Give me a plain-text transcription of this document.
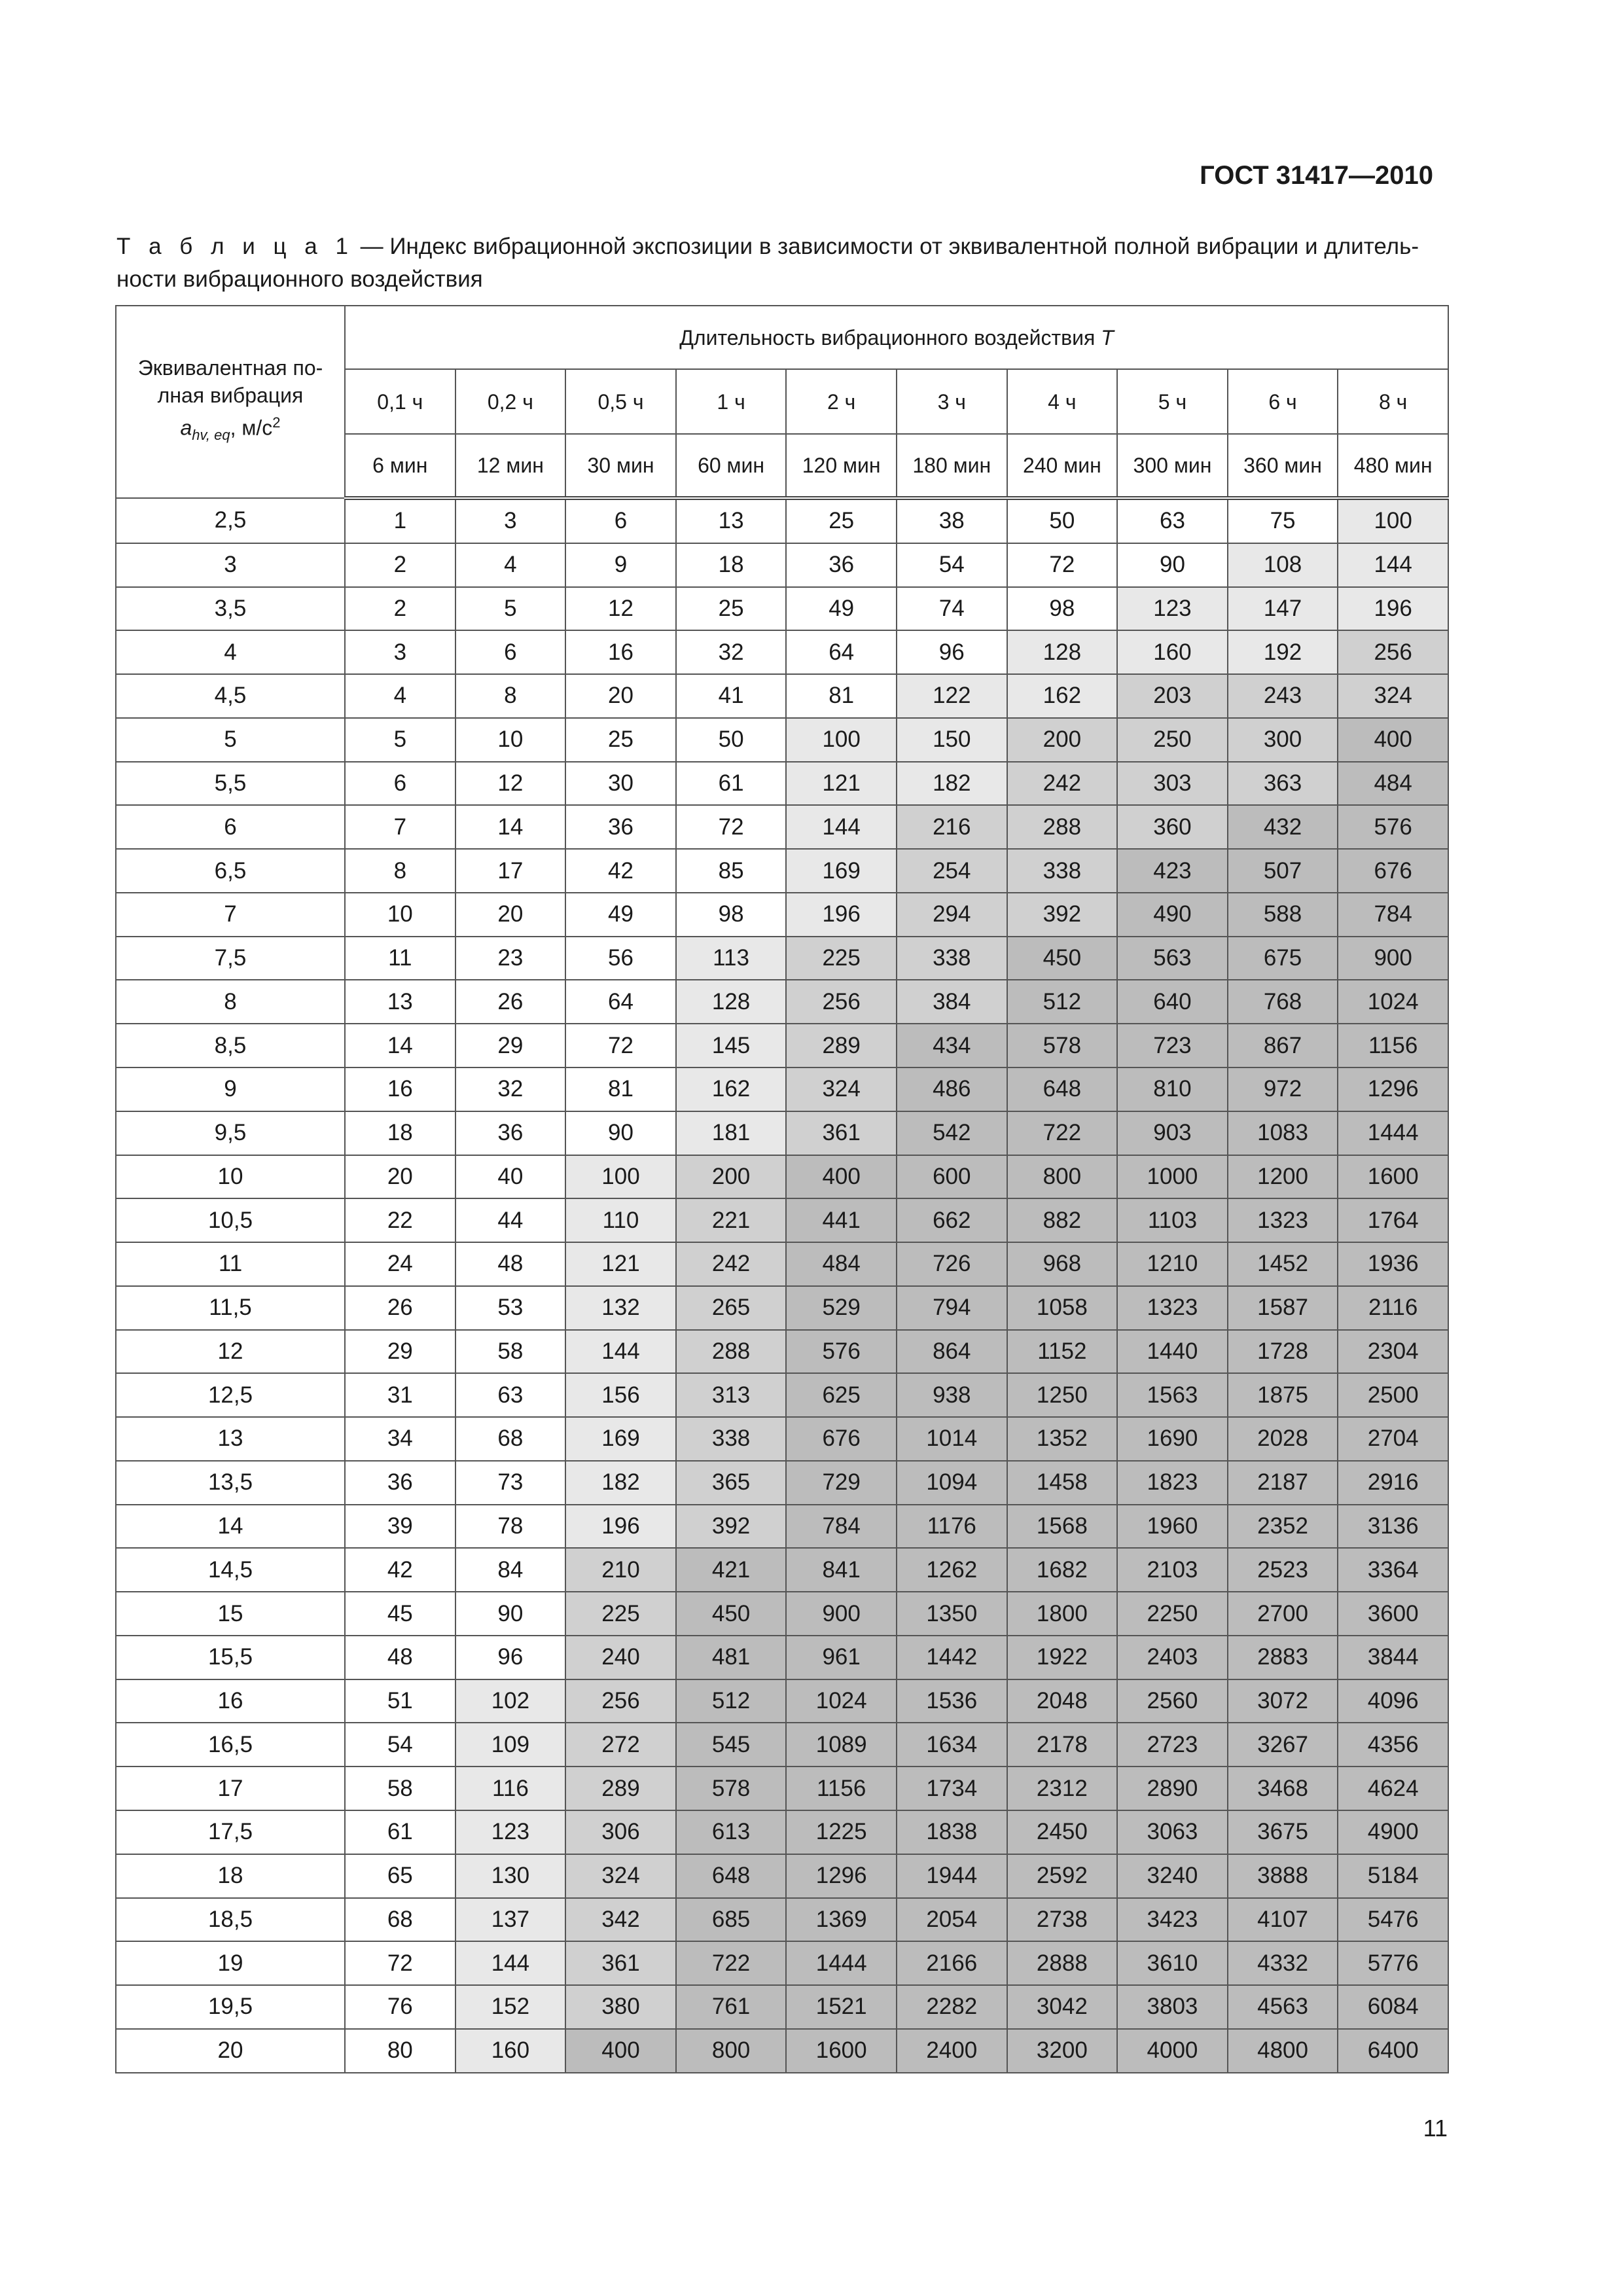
ГОСТ 31417—2010

Т а б л и ц а 1 — Индекс вибрационной экспозиции в зависимости от эквивалентной полной вибрации и длитель-ности вибрационного воздействия

Эквивалентная по-
лная вибрация
$a_{hv, eq}$, $м/с^2$	Длительность вибрационного воздействия T									
	0,1 ч	0,2 ч	0,5 ч	1 ч	2 ч	3 ч	4 ч	5 ч	6 ч	8 ч
	6 мин	12 мин	30 мин	60 мин	120 мин	180 мин	240 мин	300 мин	360 мин	480 мин
2,5	1	3	6	13	25	38	50	63	75	100
3	2	4	9	18	36	54	72	90	108	144
3,5	2	5	12	25	49	74	98	123	147	196
4	3	6	16	32	64	96	128	160	192	256
4,5	4	8	20	41	81	122	162	203	243	324
5	5	10	25	50	100	150	200	250	300	400
5,5	6	12	30	61	121	182	242	303	363	484
6	7	14	36	72	144	216	288	360	432	576
6,5	8	17	42	85	169	254	338	423	507	676
7	10	20	49	98	196	294	392	490	588	784
7,5	11	23	56	113	225	338	450	563	675	900
8	13	26	64	128	256	384	512	640	768	1024
8,5	14	29	72	145	289	434	578	723	867	1156
9	16	32	81	162	324	486	648	810	972	1296
9,5	18	36	90	181	361	542	722	903	1083	1444
10	20	40	100	200	400	600	800	1000	1200	1600
10,5	22	44	110	221	441	662	882	1103	1323	1764
11	24	48	121	242	484	726	968	1210	1452	1936
11,5	26	53	132	265	529	794	1058	1323	1587	2116
12	29	58	144	288	576	864	1152	1440	1728	2304
12,5	31	63	156	313	625	938	1250	1563	1875	2500
13	34	68	169	338	676	1014	1352	1690	2028	2704
13,5	36	73	182	365	729	1094	1458	1823	2187	2916
14	39	78	196	392	784	1176	1568	1960	2352	3136
14,5	42	84	210	421	841	1262	1682	2103	2523	3364
15	45	90	225	450	900	1350	1800	2250	2700	3600
15,5	48	96	240	481	961	1442	1922	2403	2883	3844
16	51	102	256	512	1024	1536	2048	2560	3072	4096
16,5	54	109	272	545	1089	1634	2178	2723	3267	4356
17	58	116	289	578	1156	1734	2312	2890	3468	4624
17,5	61	123	306	613	1225	1838	2450	3063	3675	4900
18	65	130	324	648	1296	1944	2592	3240	3888	5184
18,5	68	137	342	685	1369	2054	2738	3423	4107	5476
19	72	144	361	722	1444	2166	2888	3610	4332	5776
19,5	76	152	380	761	1521	2282	3042	3803	4563	6084
20	80	160	400	800	1600	2400	3200	4000	4800	6400

11
